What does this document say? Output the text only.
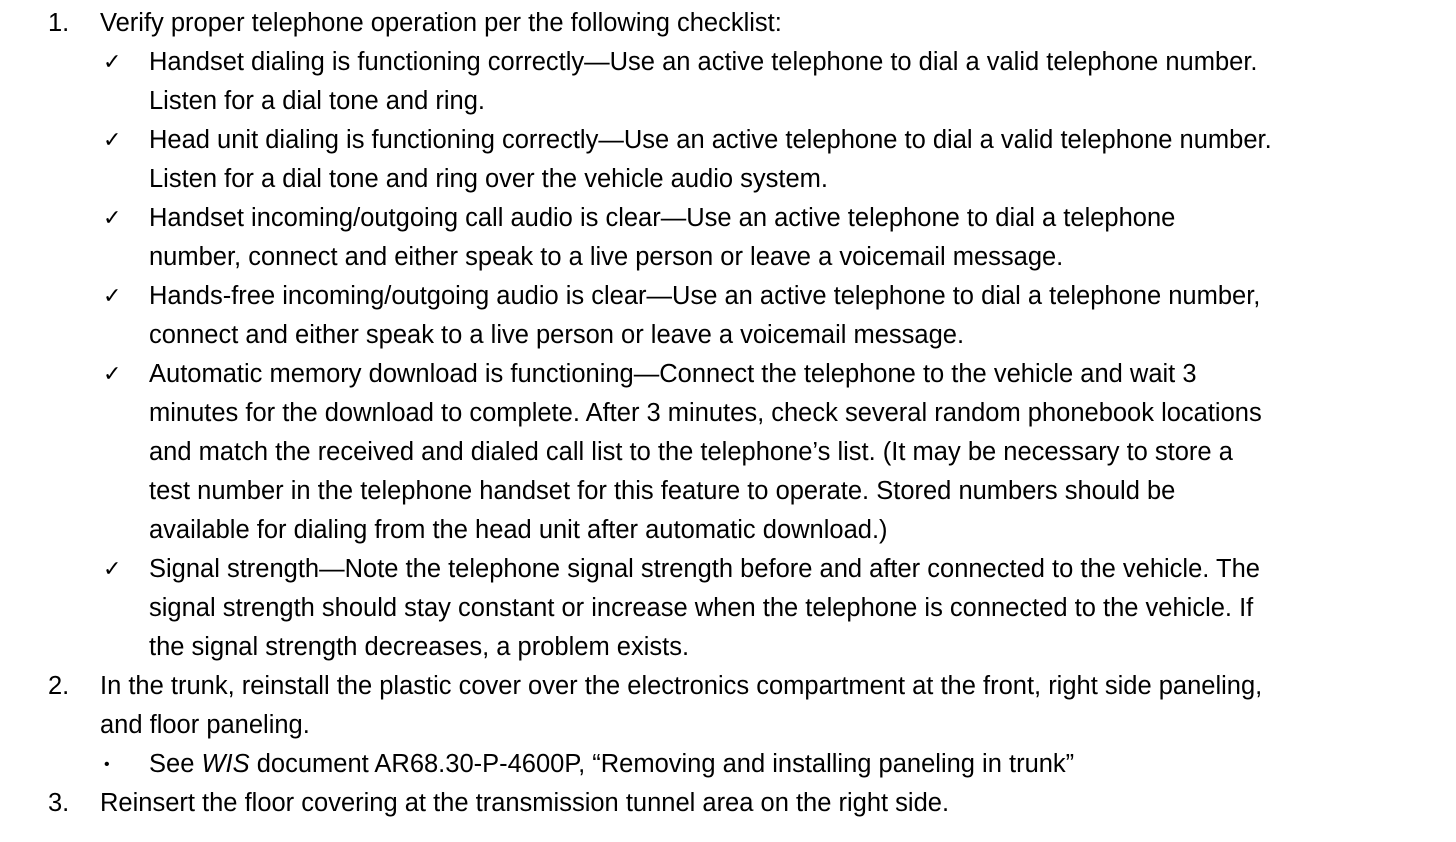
1. Verify proper telephone operation per the following checklist:
✓ Handset dialing is functioning correctly—Use an active telephone to dial a valid telephone number.
Listen for a dial tone and ring.
✓ Head unit dialing is functioning correctly—Use an active telephone to dial a valid telephone number.
Listen for a dial tone and ring over the vehicle audio system.
✓ Handset incoming/outgoing call audio is clear—Use an active telephone to dial a telephone
number, connect and either speak to a live person or leave a voicemail message.
✓ Hands-free incoming/outgoing audio is clear—Use an active telephone to dial a telephone number,
connect and either speak to a live person or leave a voicemail message.
✓ Automatic memory download is functioning—Connect the telephone to the vehicle and wait 3
minutes for the download to complete. After 3 minutes, check several random phonebook locations
and match the received and dialed call list to the telephone’s list. (It may be necessary to store a
test number in the telephone handset for this feature to operate. Stored numbers should be
available for dialing from the head unit after automatic download.)
✓ Signal strength—Note the telephone signal strength before and after connected to the vehicle. The
signal strength should stay constant or increase when the telephone is connected to the vehicle. If
the signal strength decreases, a problem exists.
2. In the trunk, reinstall the plastic cover over the electronics compartment at the front, right side paneling,
and floor paneling.
• See WIS document AR68.30-P-4600P, “Removing and installing paneling in trunk”
3. Reinsert the floor covering at the transmission tunnel area on the right side.
